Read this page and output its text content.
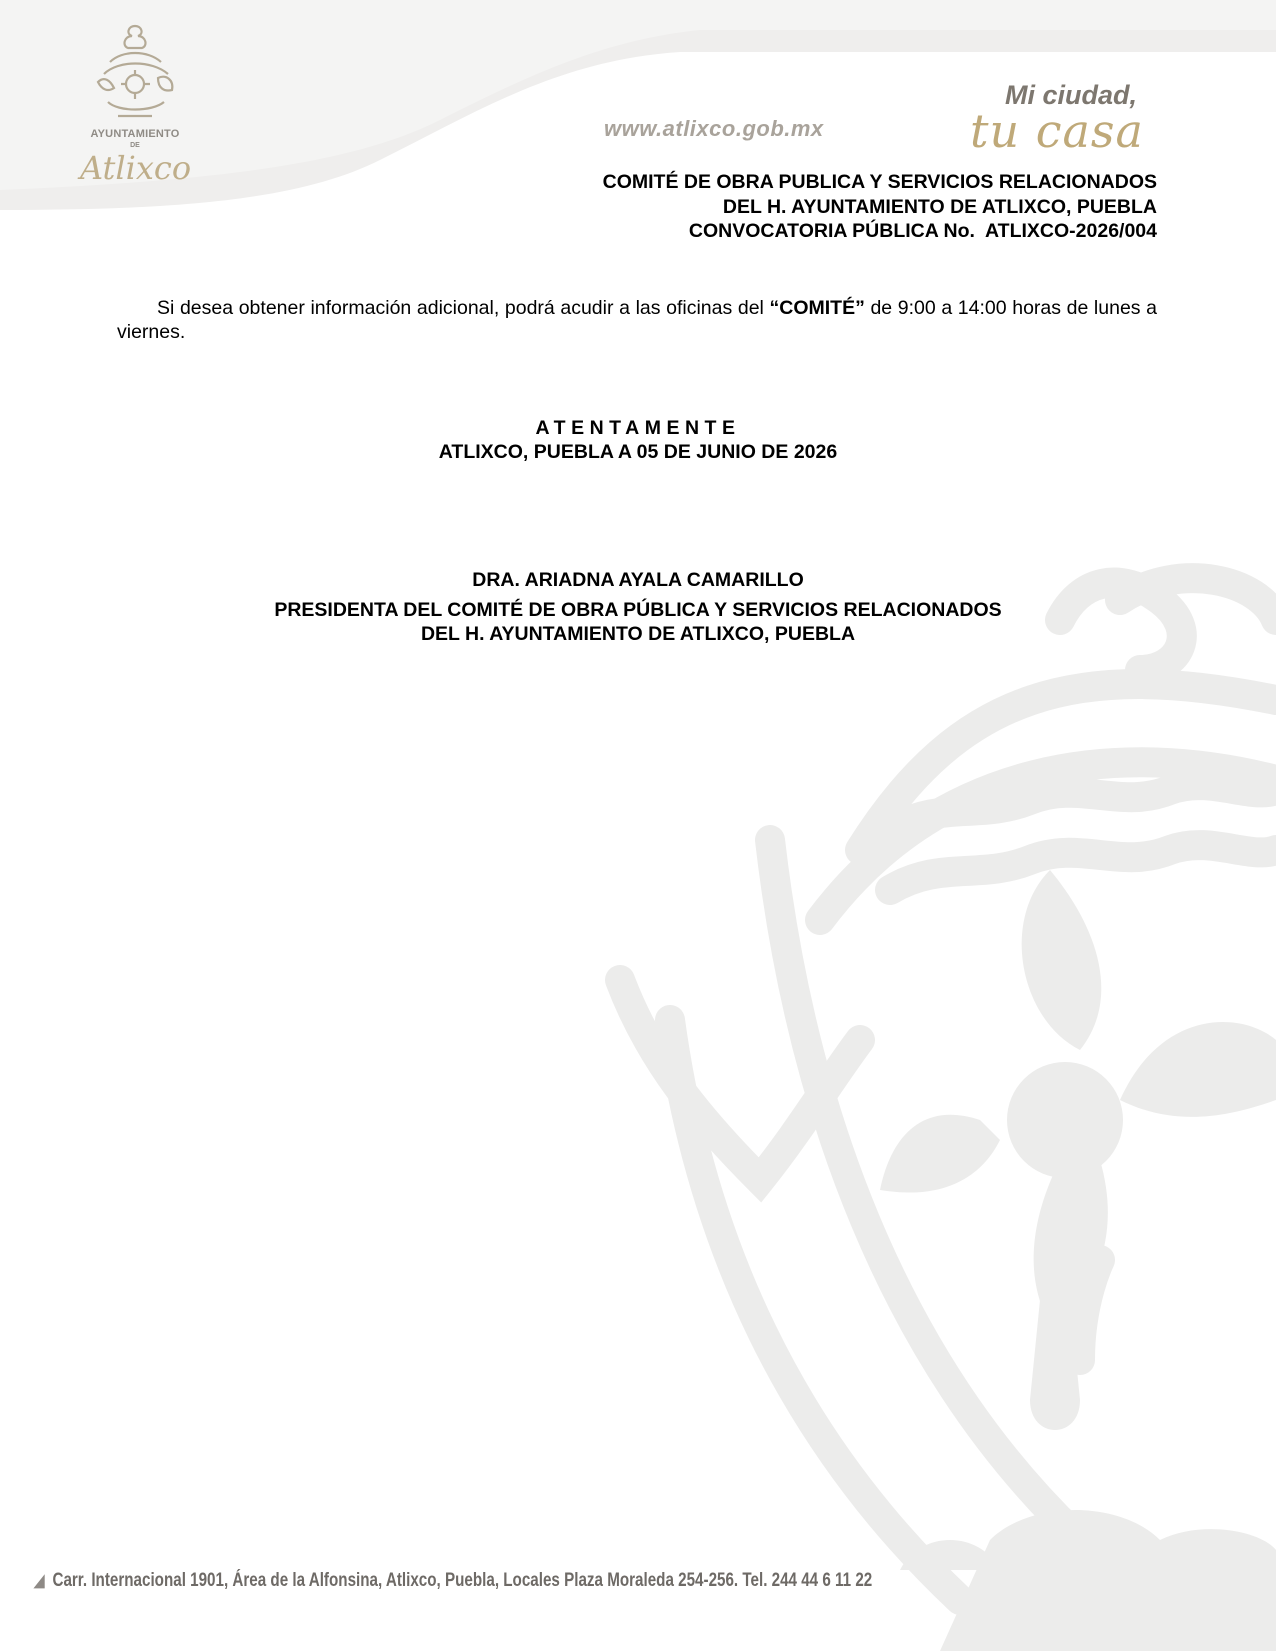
AYUNTAMIENTO
DE
Atlixco
www.atlixco.gob.mx
Mi ciudad,
tu casa
COMITÉ DE OBRA PUBLICA Y SERVICIOS RELACIONADOS
DEL H. AYUNTAMIENTO DE ATLIXCO, PUEBLA
CONVOCATORIA PÚBLICA No.  ATLIXCO-2026/004
Si desea obtener información adicional, podrá acudir a las oficinas del “COMITÉ” de 9:00 a 14:00 horas de lunes a viernes.
ATENTAMENTE
ATLIXCO, PUEBLA A 05 DE JUNIO DE 2026
DRA. ARIADNA AYALA CAMARILLO
PRESIDENTA DEL COMITÉ DE OBRA PÚBLICA Y SERVICIOS RELACIONADOS
DEL H. AYUNTAMIENTO DE ATLIXCO, PUEBLA
◢ Carr. Internacional 1901, Área de la Alfonsina, Atlixco, Puebla, Locales Plaza Moraleda 254-256. Tel. 244 44 6 11 22
